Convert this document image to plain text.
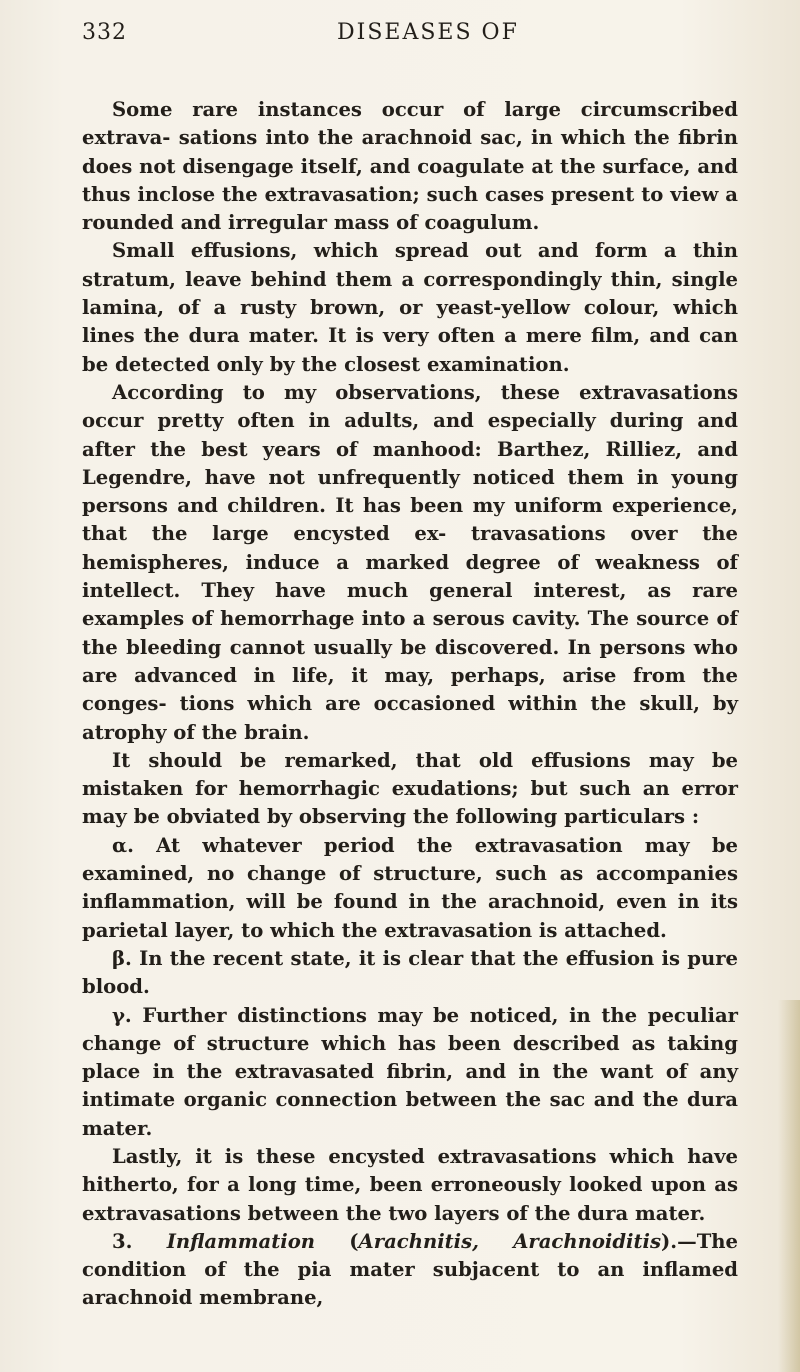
332	DISEASES OF

Some rare instances occur of large circumscribed extrava- sations into the arachnoid sac, in which the fibrin does not disengage itself, and coagulate at the surface, and thus inclose the extravasation; such cases present to view a rounded and irregular mass of coagulum.

Small effusions, which spread out and form a thin stratum, leave behind them a correspondingly thin, single lamina, of a rusty brown, or yeast-yellow colour, which lines the dura mater. It is very often a mere film, and can be detected only by the closest examination.

According to my observations, these extravasations occur pretty often in adults, and especially during and after the best years of manhood: Barthez, Rilliez, and Legendre, have not unfrequently noticed them in young persons and children. It has been my uniform experience, that the large encysted ex- travasations over the hemispheres, induce a marked degree of weakness of intellect. They have much general interest, as rare examples of hemorrhage into a serous cavity. The source of the bleeding cannot usually be discovered. In persons who are advanced in life, it may, perhaps, arise from the conges- tions which are occasioned within the skull, by atrophy of the brain.

It should be remarked, that old effusions may be mistaken for hemorrhagic exudations; but such an error may be obviated by observing the following particulars :

α. At whatever period the extravasation may be examined, no change of structure, such as accompanies inflammation, will be found in the arachnoid, even in its parietal layer, to which the extravasation is attached.

β. In the recent state, it is clear that the effusion is pure blood.

γ. Further distinctions may be noticed, in the peculiar change of structure which has been described as taking place in the extravasated fibrin, and in the want of any intimate organic connection between the sac and the dura mater.

Lastly, it is these encysted extravasations which have hitherto, for a long time, been erroneously looked upon as extravasations between the two layers of the dura mater.

3. Inflammation (Arachnitis, Arachnoiditis).—The condition of the pia mater subjacent to an inflamed arachnoid membrane,
